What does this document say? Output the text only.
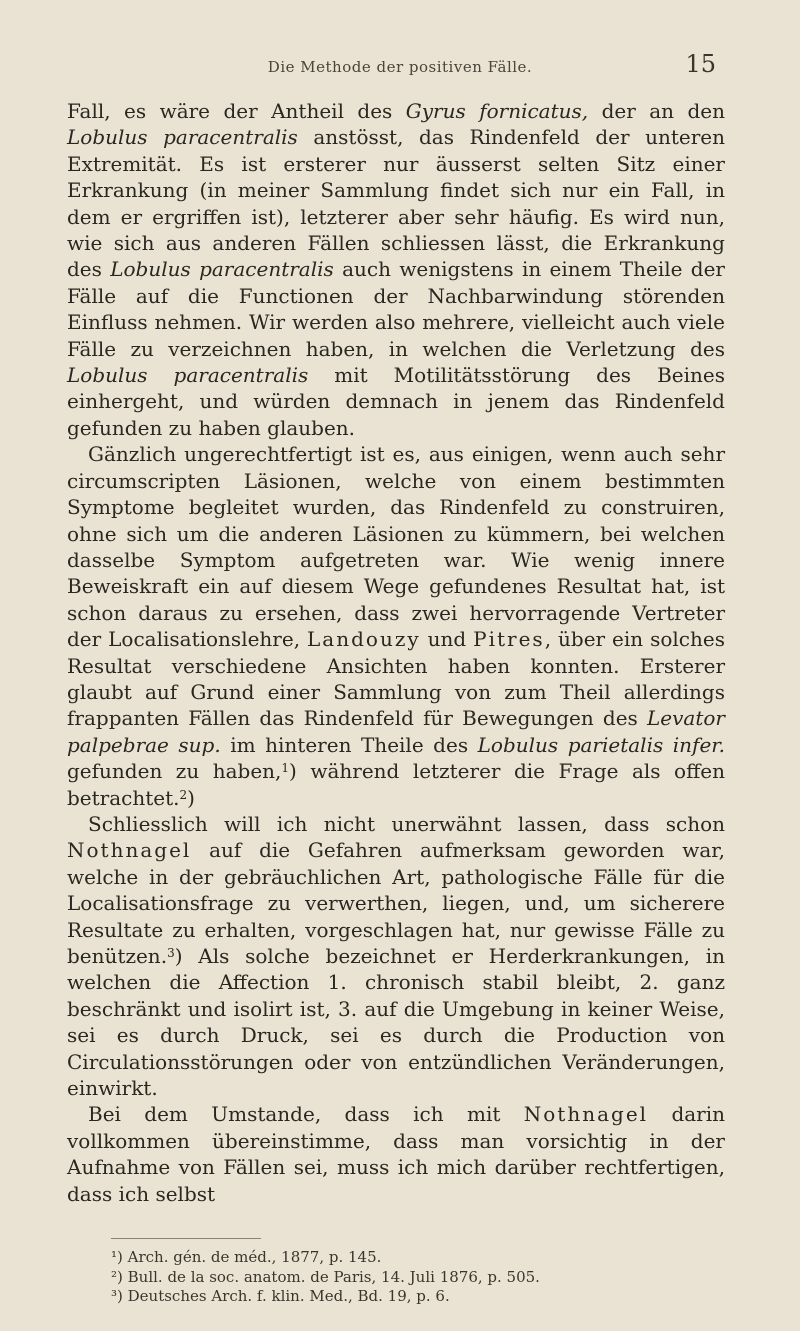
Die Methode der positiven Fälle.	15

Fall, es wäre der Antheil des Gyrus fornicatus, der an den Lobulus paracentralis anstösst, das Rindenfeld der unteren Extremität. Es ist ersterer nur äusserst selten Sitz einer Erkrankung (in meiner Sammlung findet sich nur ein Fall, in dem er ergriffen ist), letzterer aber sehr häufig. Es wird nun, wie sich aus anderen Fällen schliessen lässt, die Erkrankung des Lobulus paracentralis auch wenigstens in einem Theile der Fälle auf die Functionen der Nachbarwindung störenden Einfluss nehmen. Wir werden also mehrere, vielleicht auch viele Fälle zu verzeichnen haben, in welchen die Verletzung des Lobulus paracentralis mit Motilitätsstörung des Beines einhergeht, und würden demnach in jenem das Rindenfeld gefunden zu haben glauben.

Gänzlich ungerechtfertigt ist es, aus einigen, wenn auch sehr circumscripten Läsionen, welche von einem bestimmten Symptome begleitet wurden, das Rindenfeld zu construiren, ohne sich um die anderen Läsionen zu kümmern, bei welchen dasselbe Symptom aufgetreten war. Wie wenig innere Beweiskraft ein auf diesem Wege gefundenes Resultat hat, ist schon daraus zu ersehen, dass zwei hervorragende Vertreter der Localisationslehre, Landouzy und Pitres, über ein solches Resultat verschiedene Ansichten haben konnten. Ersterer glaubt auf Grund einer Sammlung von zum Theil allerdings frappanten Fällen das Rindenfeld für Bewegungen des Levator palpebrae sup. im hinteren Theile des Lobulus parietalis infer. gefunden zu haben,$^1$) während letzterer die Frage als offen betrachtet.$^2$)

Schliesslich will ich nicht unerwähnt lassen, dass schon Nothnagel auf die Gefahren aufmerksam geworden war, welche in der gebräuchlichen Art, pathologische Fälle für die Localisationsfrage zu verwerthen, liegen, und, um sicherere Resultate zu erhalten, vorgeschlagen hat, nur gewisse Fälle zu benützen.$^3$) Als solche bezeichnet er Herderkrankungen, in welchen die Affection 1. chronisch stabil bleibt, 2. ganz beschränkt und isolirt ist, 3. auf die Umgebung in keiner Weise, sei es durch Druck, sei es durch die Production von Circulationsstörungen oder von entzündlichen Veränderungen, einwirkt.

Bei dem Umstande, dass ich mit Nothnagel darin vollkommen übereinstimme, dass man vorsichtig in der Aufnahme von Fällen sei, muss ich mich darüber rechtfertigen, dass ich selbst

¹) Arch. gén. de méd., 1877, p. 145.
²) Bull. de la soc. anatom. de Paris, 14. Juli 1876, p. 505.
³) Deutsches Arch. f. klin. Med., Bd. 19, p. 6.
